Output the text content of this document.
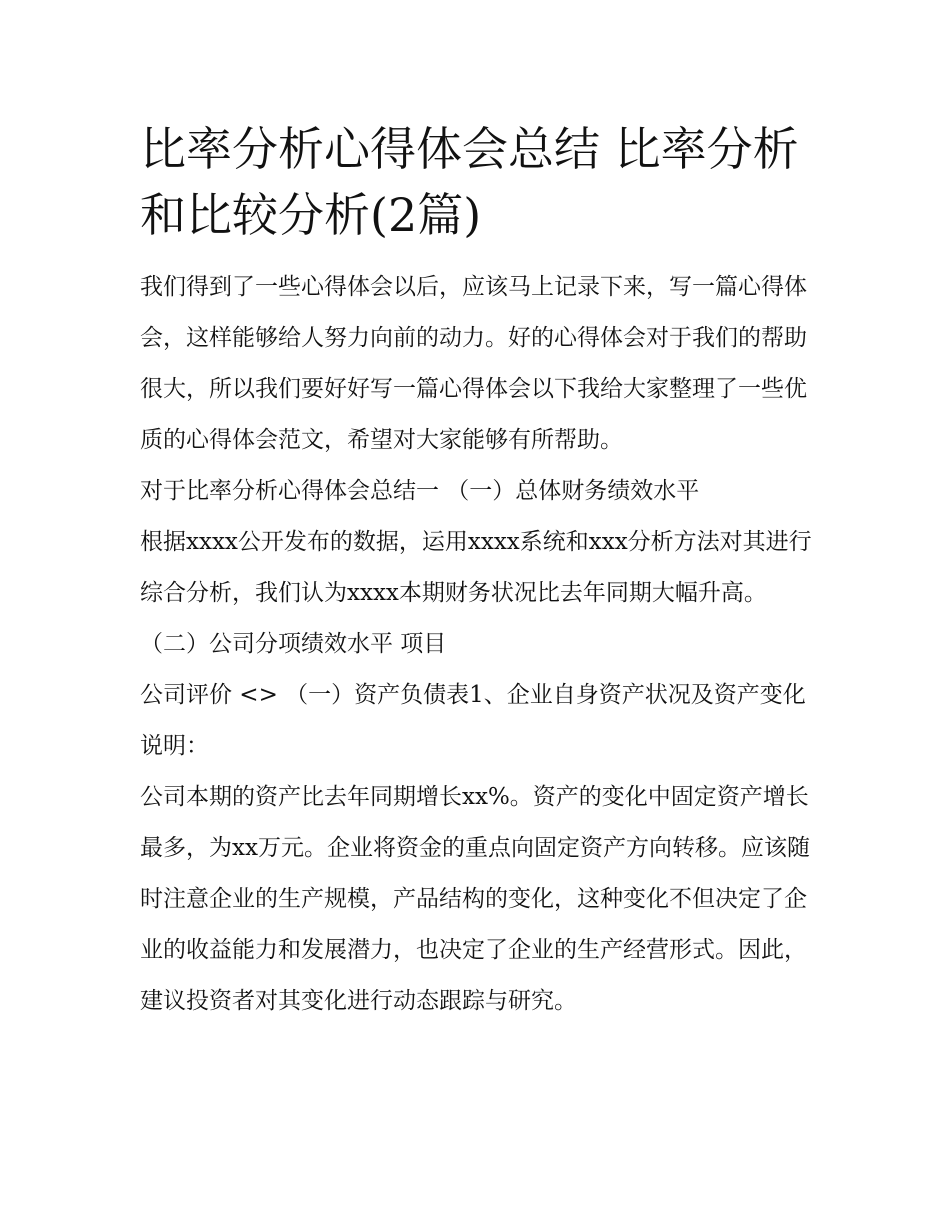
比率分析心得体会总结 比率分析和比较分析(2篇)

我们得到了一些心得体会以后，应该马上记录下来，写一篇心得体会，这样能够给人努力向前的动力。好的心得体会对于我们的帮助很大，所以我们要好好写一篇心得体会以下我给大家整理了一些优质的心得体会范文，希望对大家能够有所帮助。

对于比率分析心得体会总结一 （一）总体财务绩效水平

根据xxxx公开发布的数据，运用xxxx系统和xxx分析方法对其进行综合分析，我们认为xxxx本期财务状况比去年同期大幅升高。 （二）公司分项绩效水平 项目

公司评价 <> （一）资产负债表1、企业自身资产状况及资产变化说明：

公司本期的资产比去年同期增长xx%。资产的变化中固定资产增长最多，为xx万元。企业将资金的重点向固定资产方向转移。应该随时注意企业的生产规模，产品结构的变化，这种变化不但决定了企业的收益能力和发展潜力，也决定了企业的生产经营形式。因此，建议投资者对其变化进行动态跟踪与研究。
